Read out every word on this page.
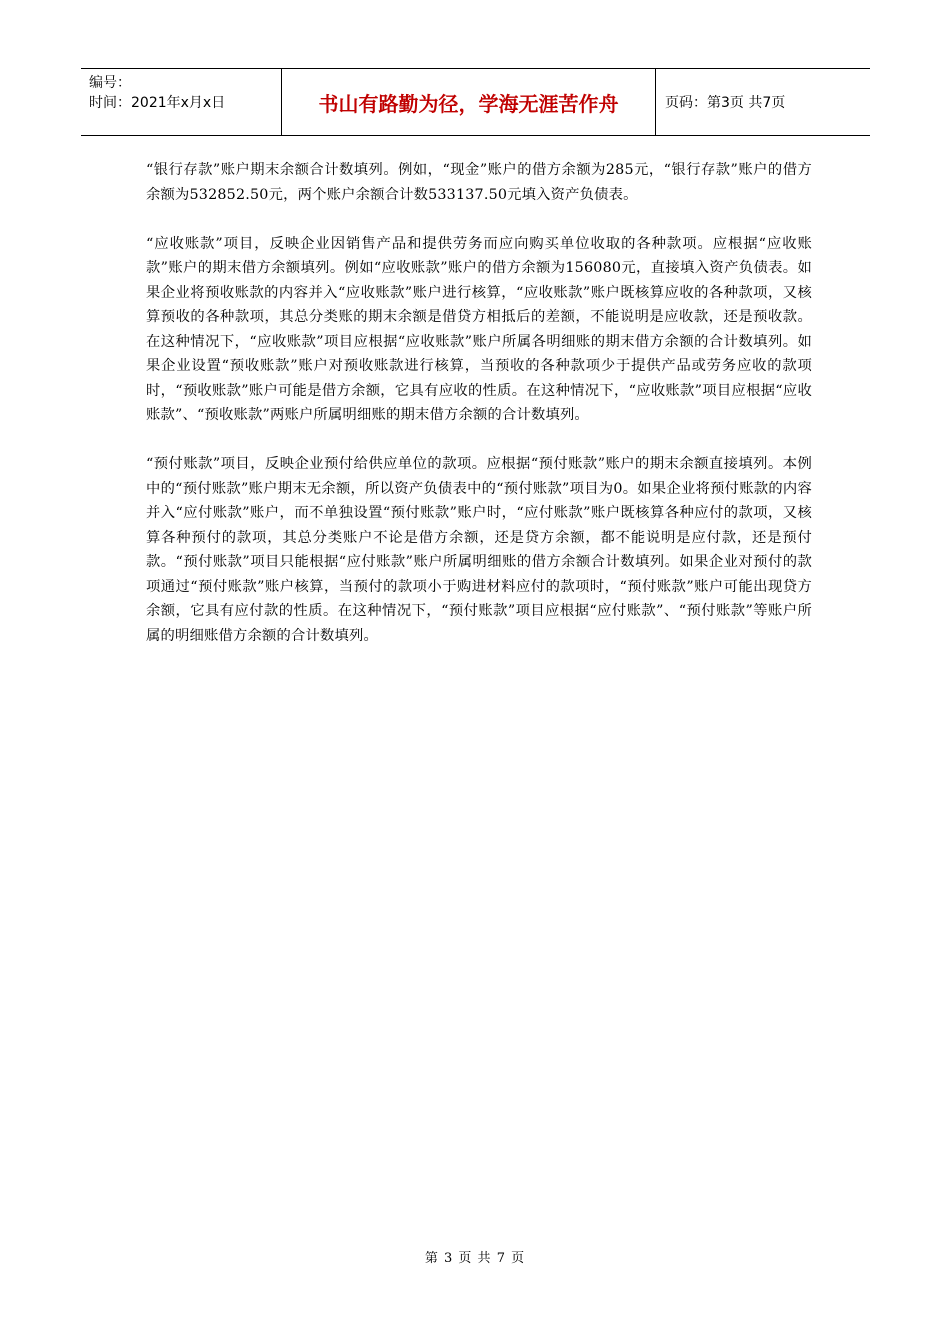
编号：
时间：2021年x月x日	书山有路勤为径，学海无涯苦作舟	页码：第3页 共7页

“银行存款”账户期末余额合计数填列。例如，“现金”账户的借方余额为285元，“银行存款”账户的借方余额为532852.50元，两个账户余额合计数533137.50元填入资产负债表。

“应收账款”项目，反映企业因销售产品和提供劳务而应向购买单位收取的各种款项。应根据“应收账款”账户的期末借方余额填列。例如“应收账款”账户的借方余额为156080元，直接填入资产负债表。如果企业将预收账款的内容并入“应收账款”账户进行核算，“应收账款”账户既核算应收的各种款项，又核算预收的各种款项，其总分类账的期末余额是借贷方相抵后的差额，不能说明是应收款，还是预收款。在这种情况下，“应收账款”项目应根据“应收账款”账户所属各明细账的期末借方余额的合计数填列。如果企业设置“预收账款”账户对预收账款进行核算，当预收的各种款项少于提供产品或劳务应收的款项时，“预收账款”账户可能是借方余额，它具有应收的性质。在这种情况下，“应收账款”项目应根据“应收账款”、“预收账款”两账户所属明细账的期末借方余额的合计数填列。

“预付账款”项目，反映企业预付给供应单位的款项。应根据“预付账款”账户的期末余额直接填列。本例中的“预付账款”账户期末无余额，所以资产负债表中的“预付账款”项目为0。如果企业将预付账款的内容并入“应付账款”账户，而不单独设置“预付账款”账户时，“应付账款”账户既核算各种应付的款项，又核算各种预付的款项，其总分类账户不论是借方余额，还是贷方余额，都不能说明是应付款，还是预付款。“预付账款”项目只能根据“应付账款”账户所属明细账的借方余额合计数填列。如果企业对预付的款项通过“预付账款”账户核算，当预付的款项小于购进材料应付的款项时，“预付账款”账户可能出现贷方余额，它具有应付款的性质。在这种情况下，“预付账款”项目应根据“应付账款”、“预付账款”等账户所属的明细账借方余额的合计数填列。

第 3 页 共 7 页
